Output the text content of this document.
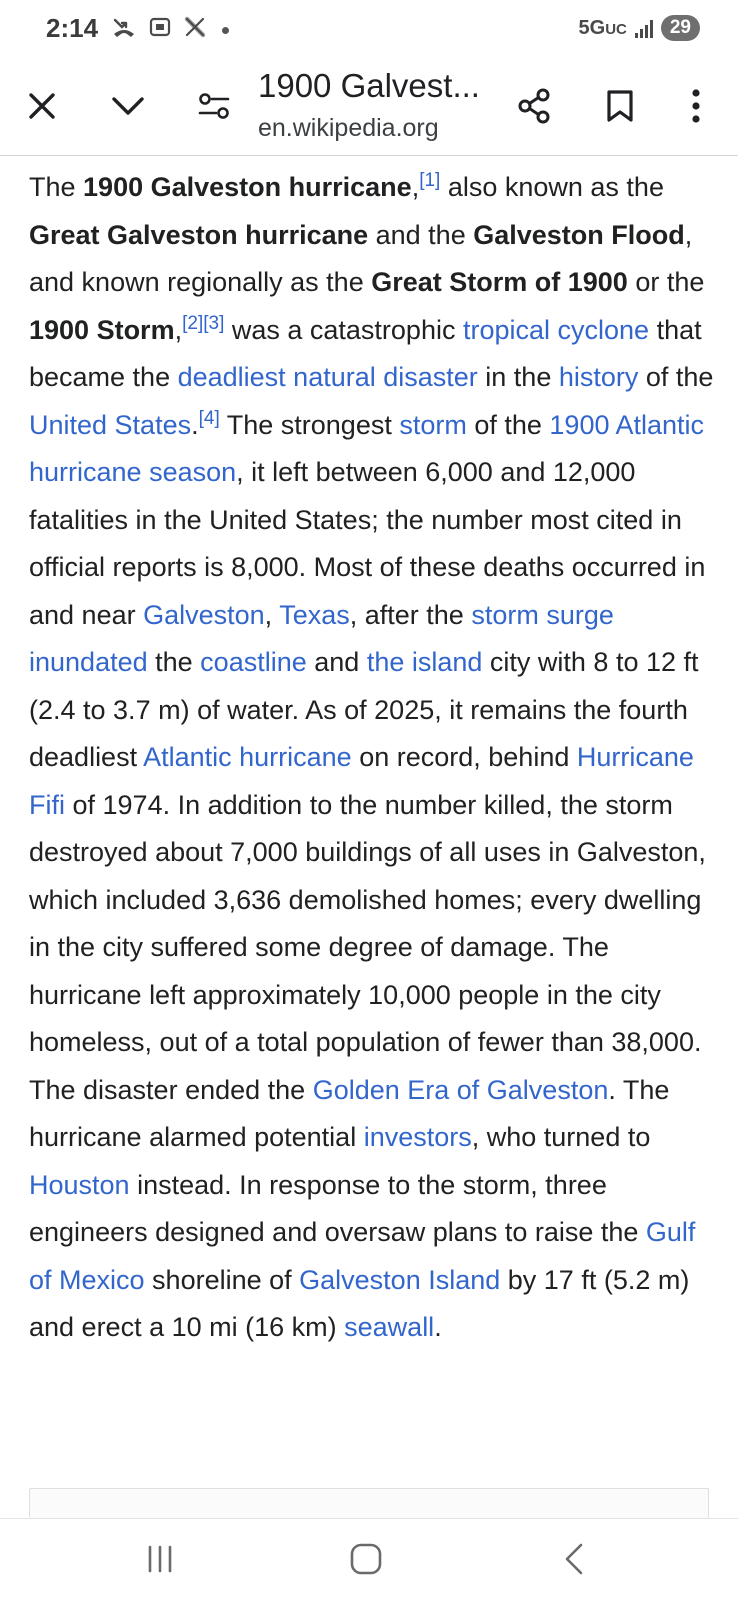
2:14	5GUC	29
1900 Galvest...
en.wikipedia.org
The 1900 Galveston hurricane,[1] also known as the Great Galveston hurricane and the Galveston Flood, and known regionally as the Great Storm of 1900 or the 1900 Storm,[2][3] was a catastrophic tropical cyclone that became the deadliest natural disaster in the history of the United States.[4] The strongest storm of the 1900 Atlantic hurricane season, it left between 6,000 and 12,000 fatalities in the United States; the number most cited in official reports is 8,000. Most of these deaths occurred in and near Galveston, Texas, after the storm surge inundated the coastline and the island city with 8 to 12 ft (2.4 to 3.7 m) of water. As of 2025, it remains the fourth deadliest Atlantic hurricane on record, behind Hurricane Fifi of 1974. In addition to the number killed, the storm destroyed about 7,000 buildings of all uses in Galveston, which included 3,636 demolished homes; every dwelling in the city suffered some degree of damage. The hurricane left approximately 10,000 people in the city homeless, out of a total population of fewer than 38,000. The disaster ended the Golden Era of Galveston. The hurricane alarmed potential investors, who turned to Houston instead. In response to the storm, three engineers designed and oversaw plans to raise the Gulf of Mexico shoreline of Galveston Island by 17 ft (5.2 m) and erect a 10 mi (16 km) seawall.
